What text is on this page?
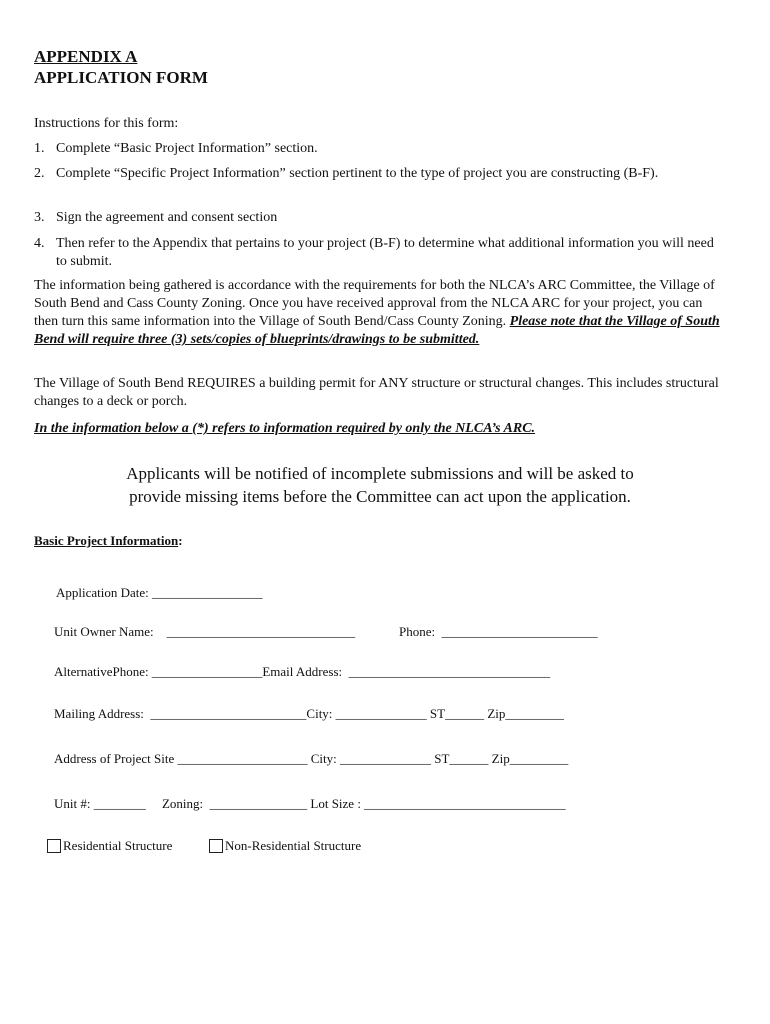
APPENDIX A
APPLICATION FORM
Instructions for this form:
1. Complete “Basic Project Information” section.
2. Complete “Specific Project Information” section pertinent to the type of project you are constructing (B-F).
3. Sign the agreement and consent section
4. Then refer to the Appendix that pertains to your project (B-F) to determine what additional information you will need to submit.
The information being gathered is accordance with the requirements for both the NLCA’s ARC Committee, the Village of South Bend and Cass County Zoning. Once you have received approval from the NLCA ARC for your project, you can then turn this same information into the Village of South Bend/Cass County Zoning. Please note that the Village of South Bend will require three (3) sets/copies of blueprints/drawings to be submitted.
The Village of South Bend REQUIRES a building permit for ANY structure or structural changes. This includes structural changes to a deck or porch.
In the information below a (*) refers to information required by only the NLCA’s ARC.
Applicants will be notified of incomplete submissions and will be asked to
provide missing items before the Committee can act upon the application.
Basic Project Information:
Application Date: _________________
Unit Owner Name:    _____________________________	Phone:  ________________________
AlternativePhone: _________________Email Address:  _______________________________
Mailing Address:  ________________________City: ______________ ST______ Zip_________
Address of Project Site ____________________ City: ______________ ST______ Zip_________
Unit #: ________     Zoning:  _______________ Lot Size : _______________________________
Residential Structure	Non-Residential Structure
